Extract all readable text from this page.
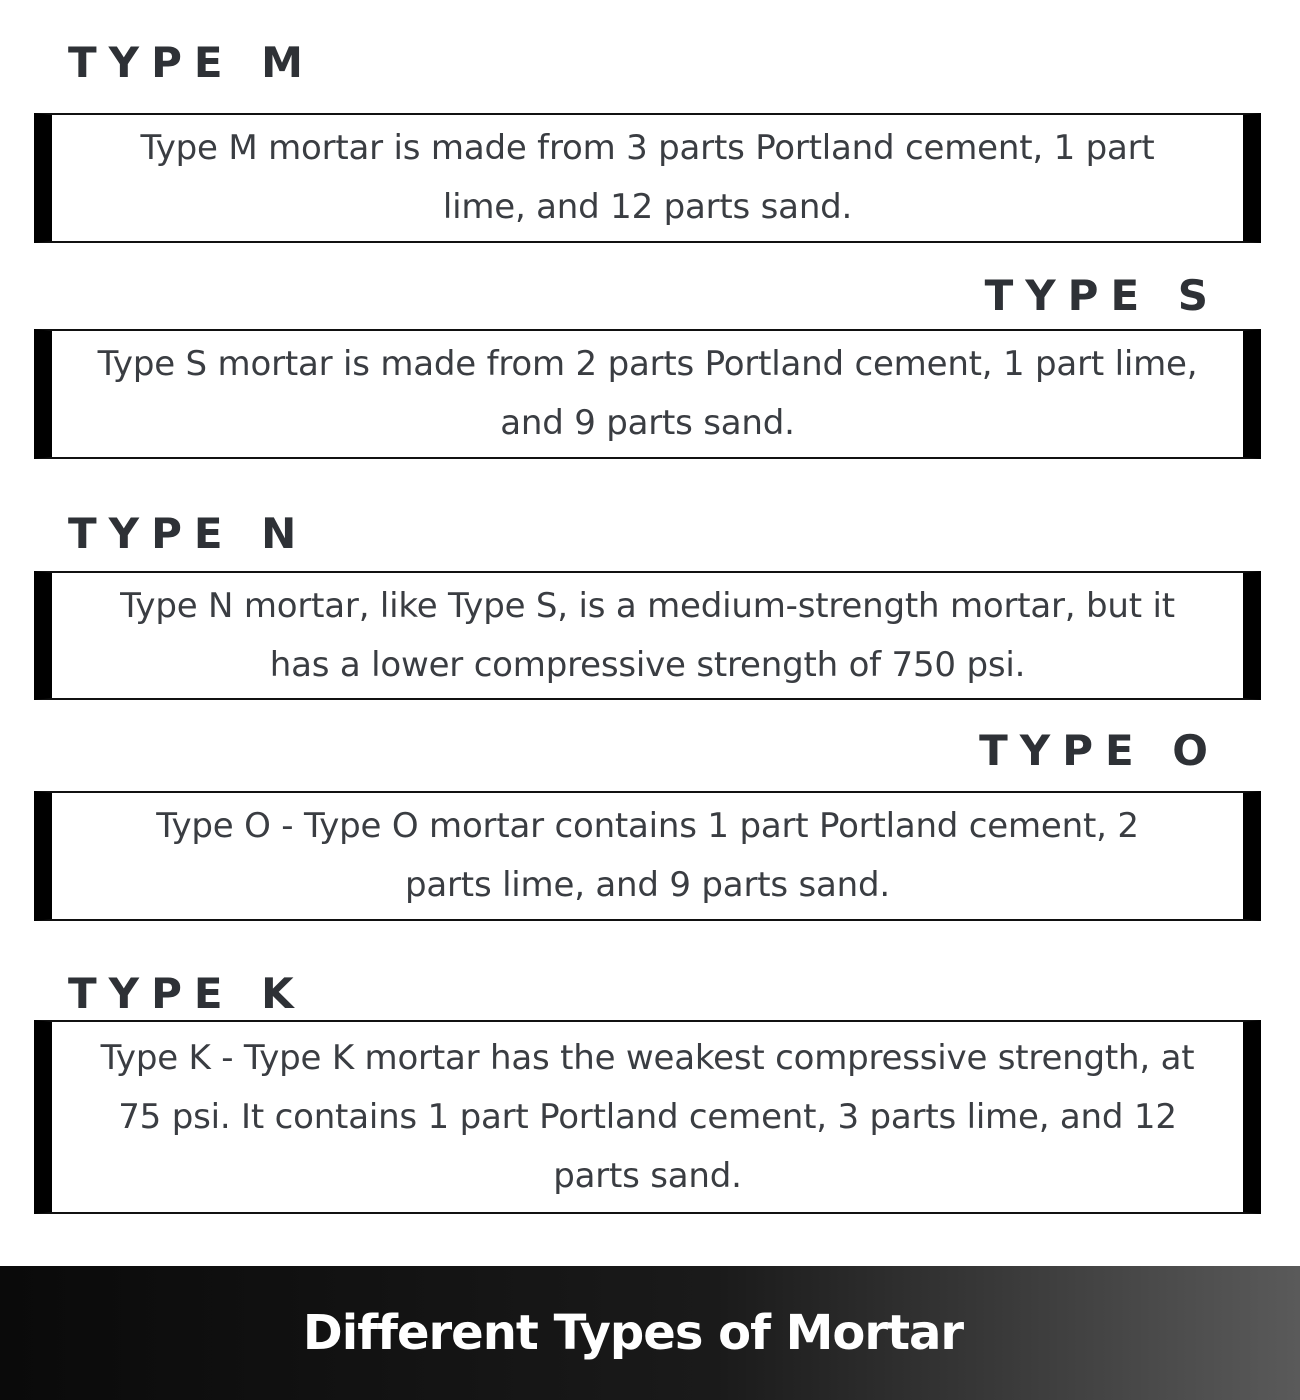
TYPE M
Type M mortar is made from 3 parts Portland cement, 1 part lime, and 12 parts sand.
TYPE S
Type S mortar is made from 2 parts Portland cement, 1 part lime, and 9 parts sand.
TYPE N
Type N mortar, like Type S, is a medium-strength mortar, but it has a lower compressive strength of 750 psi.
TYPE O
Type O - Type O mortar contains 1 part Portland cement, 2 parts lime, and 9 parts sand.
TYPE K
Type K - Type K mortar has the weakest compressive strength, at 75 psi. It contains 1 part Portland cement, 3 parts lime, and 12 parts sand.
Different Types of Mortar
